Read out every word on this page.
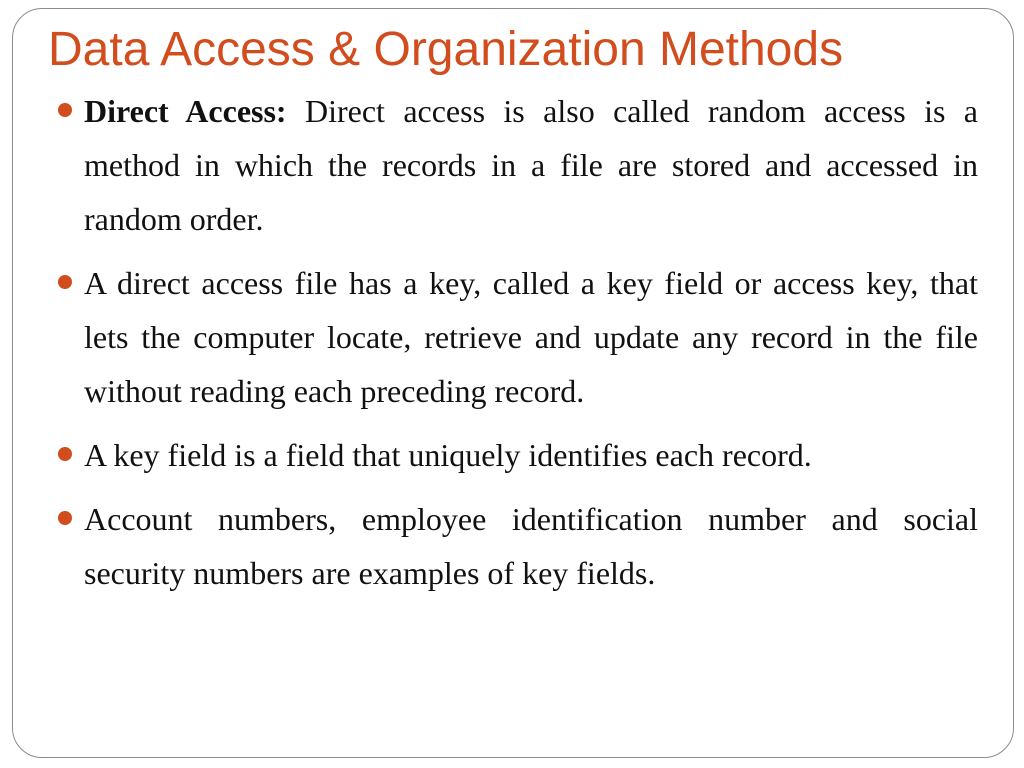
Data Access & Organization Methods
Direct Access: Direct access is also called random access is a method in which the records in a file are stored and accessed in random order.
A direct access file has a key, called a key field or access key, that lets the computer locate, retrieve and update any record in the file without reading each preceding record.
A key field is a field that uniquely identifies each record.
Account numbers, employee identification number and social security numbers are examples of key fields.
